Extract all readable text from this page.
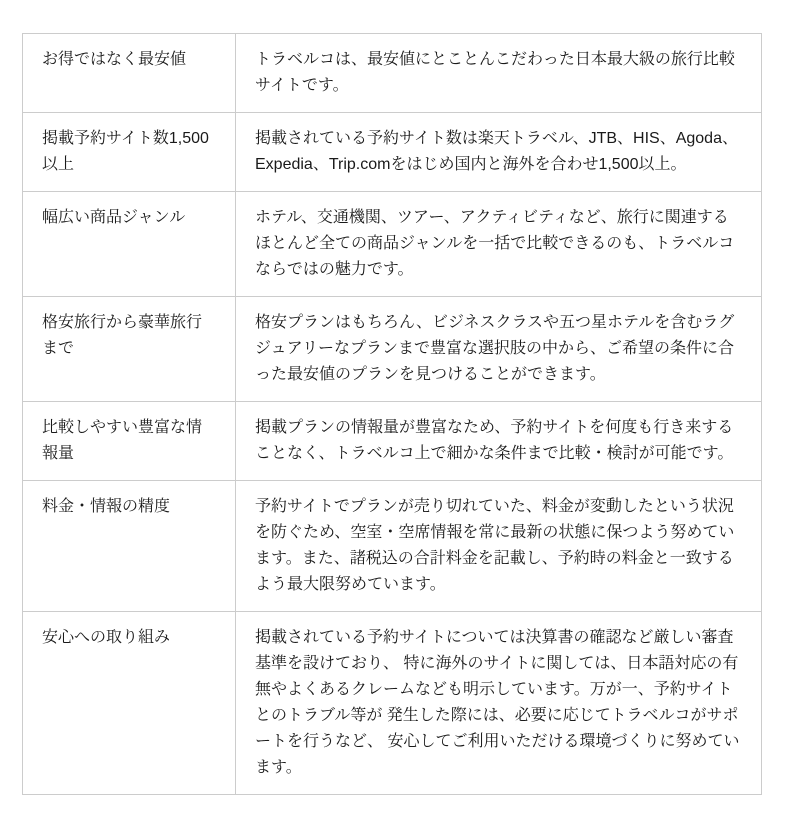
お得ではなく最安値	トラベルコは、最安値にとことんこだわった日本最大級の旅行比較サイトです。
掲載予約サイト数1,500以上	掲載されている予約サイト数は楽天トラベル、JTB、HIS、Agoda、Expedia、Trip.comをはじめ国内と海外を合わせ1,500以上。
幅広い商品ジャンル	ホテル、交通機関、ツアー、アクティビティなど、旅行に関連するほとんど全ての商品ジャンルを一括で比較できるのも、トラベルコならではの魅力です。
格安旅行から豪華旅行まで	格安プランはもちろん、ビジネスクラスや五つ星ホテルを含むラグジュアリーなプランまで豊富な選択肢の中から、ご希望の条件に合った最安値のプランを見つけることができます。
比較しやすい豊富な情報量	掲載プランの情報量が豊富なため、予約サイトを何度も行き来することなく、トラベルコ上で細かな条件まで比較・検討が可能です。
料金・情報の精度	予約サイトでプランが売り切れていた、料金が変動したという状況を防ぐため、空室・空席情報を常に最新の状態に保つよう努めています。また、諸税込の合計料金を記載し、予約時の料金と一致するよう最大限努めています。
安心への取り組み	掲載されている予約サイトについては決算書の確認など厳しい審査基準を設けており、 特に海外のサイトに関しては、日本語対応の有無やよくあるクレームなども明示しています。万が一、予約サイトとのトラブル等が 発生した際には、必要に応じてトラベルコがサポートを行うなど、 安心してご利用いただける環境づくりに努めています。
